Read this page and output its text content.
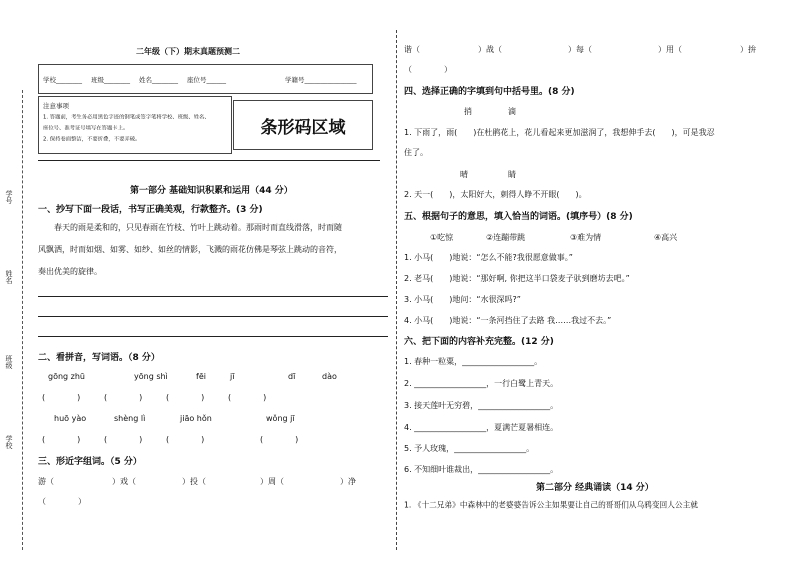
学号
姓名
班级
学校
二年级（下）期末真题预测二
学校________ 班级________ 姓名________ 座位号______	学籍号________________
注意事项
1. 答题前，考生务必用黑色字迹的钢笔或签字笔将学校、班级、姓名、
座位号、准考证号填写在答题卡上。
2. 保持卷面整洁，不要折叠，不要弄破。
条形码区域
第一部分 基础知识积累和运用（44 分）
一、抄写下面一段话，书写正确美观，行款整齐。(3 分)
春天的雨是柔和的，只见春雨在竹枝、竹叶上跳动着。那雨时而直线滑落，时而随
风飘洒，时而如烟、如雾、如纱、如丝的情影，飞溅的雨花仿佛是琴弦上跳动的音符，
奏出优美的旋律。
二、看拼音，写词语。（8 分）
gōng zhū	yōng shì	fēi	jī	dī	dào
(　　　　)	(　　　　)	(　　　　)	(　　　　)
huō yào	shèng lì	jiāo hǒn	wǒng jī
(　　　　)	(　　　　)	(　　　　)	(　　　　)
三、形近字组词。（5 分）
游（	）戏（	）投（	）周（	）净
（　　　　）
谐（	）战（	）每（	）用（	）拚
（　　　　）
四、选择正确的字填到句中括号里。(8 分)
捎	滴
1. 下雨了，雨(　　)在杜鹃花上，花儿看起来更加滋润了，我想伸手去(　　)，可是我忍
住了。
晴	睛
2. 天一(　　)，太阳好大，刺得人睁不开眼(　　)。
五、根据句子的意思，填入恰当的词语。(填序号）(8 分)
①吃惊	②连蹦带跳	③难为情	④高兴
1. 小马(　　)地说：“怎么不能?我很愿意做事。”
2. 老马(　　)地说：“那好啊, 你把这半口袋麦子驮到磨坊去吧。”
3. 小马(　　)地问：“水很深吗?”
4. 小马(　　)地说：“一条河挡住了去路 我……我过不去。”
六、把下面的内容补充完整。(12 分)
1. 春种一粒粟，__________________。
2. __________________，一行白鹭上青天。
3. 接天莲叶无穷碧，__________________。
4. __________________，夏满芒夏暑相连。
5. 予人玫瑰，__________________。
6. 不知细叶谁裁出，__________________。
第二部分 经典诵读（14 分）
1. 《十二兄弟》中森林中的老婆婆告诉公主如果要让自己的哥哥们从乌鸦变回人公主就
